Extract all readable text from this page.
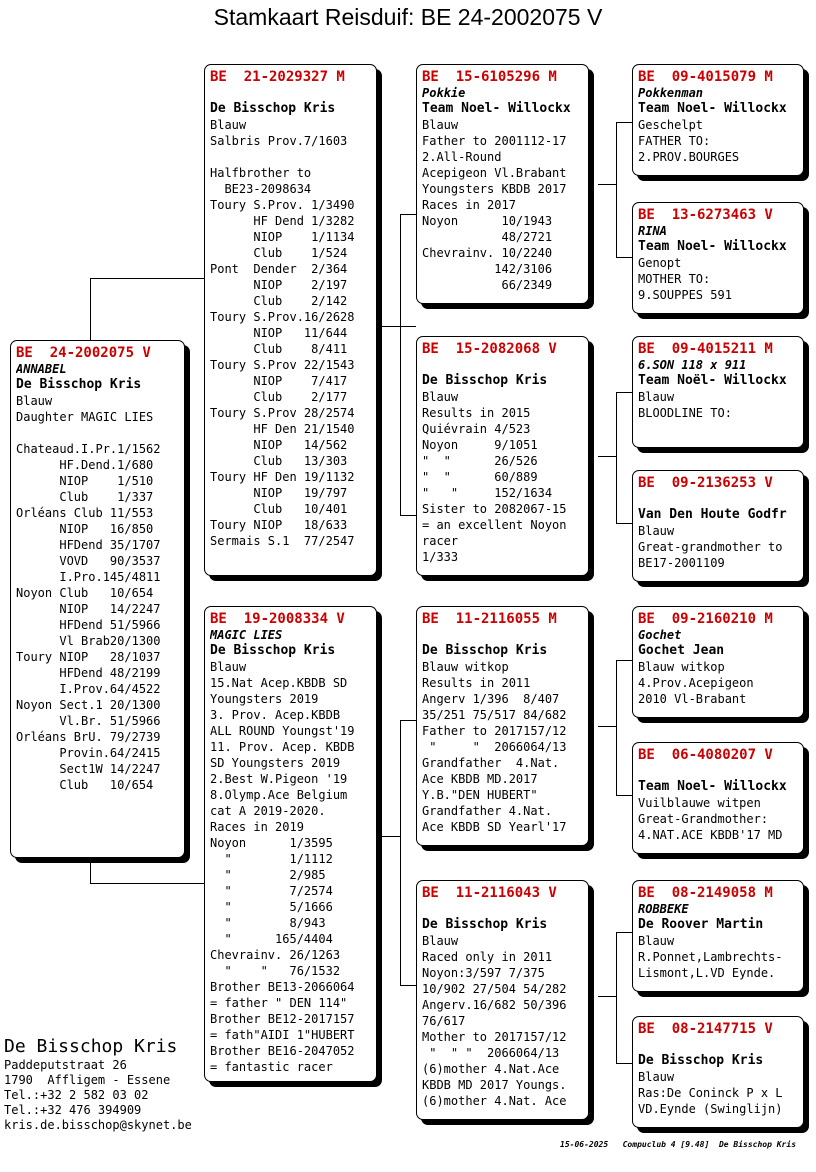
Stamkaart Reisduif: BE 24-2002075 V
BE  24-2002075 V
ANNABEL
De Bisschop Kris
Blauw
Daughter MAGIC LIES
Chateaud.I.Pr.1/1562
HF.Dend.1/680
NIOP    1/510
Club    1/337
Orléans Club 11/553
NIOP   16/850
HFDend 35/1707
VOVD   90/3537
I.Pro.145/4811
Noyon Club   10/654
NIOP   14/2247
HFDend 51/5966
Vl Brab20/1300
Toury NIOP   28/1037
HFDend 48/2199
I.Prov.64/4522
Noyon Sect.1 20/1300
Vl.Br. 51/5966
Orléans BrU. 79/2739
Provin.64/2415
Sect1W 14/2247
Club   10/654
BE  21-2029327 M
De Bisschop Kris
Blauw
Salbris Prov.7/1603
Halfbrother to
BE23-2098634
Toury S.Prov. 1/3490
HF Dend 1/3282
NIOP    1/1134
Club    1/524
Pont  Dender  2/364
NIOP    2/197
Club    2/142
Toury S.Prov.16/2628
NIOP   11/644
Club    8/411
Toury S.Prov 22/1543
NIOP    7/417
Club    2/177
Toury S.Prov 28/2574
HF Den 21/1540
NIOP   14/562
Club   13/303
Toury HF Den 19/1132
NIOP   19/797
Club   10/401
Toury NIOP   18/633
Sermais S.1  77/2547
BE  19-2008334 V
MAGIC LIES
De Bisschop Kris
Blauw
15.Nat Acep.KBDB SD
Youngsters 2019
3. Prov. Acep.KBDB
ALL ROUND Youngst'19
11. Prov. Acep. KBDB
SD Youngsters 2019
2.Best W.Pigeon '19
8.Olymp.Ace Belgium
cat A 2019-2020.
Races in 2019
Noyon      1/3595
"        1/1112
"        2/985
"        7/2574
"        5/1666
"        8/943
"      165/4404
Chevrainv. 26/1263
"    "   76/1532
Brother BE13-2066064
= father " DEN 114"
Brother BE12-2017157
= fath"AIDI 1"HUBERT
Brother BE16-2047052
= fantastic racer
BE  15-6105296 M
Pokkie
Team Noel- Willockx
Blauw
Father to 2001112-17
2.All-Round
Acepigeon Vl.Brabant
Youngsters KBDB 2017
Races in 2017
Noyon      10/1943
48/2721
Chevrainv. 10/2240
142/3106
66/2349
BE  15-2082068 V
De Bisschop Kris
Blauw
Results in 2015
Quiévrain 4/523
Noyon     9/1051
"  "      26/526
"  "      60/889
"   "     152/1634
Sister to 2082067-15
= an excellent Noyon
racer
1/333
BE  11-2116055 M
De Bisschop Kris
Blauw witkop
Results in 2011
Angerv 1/396  8/407
35/251 75/517 84/682
Father to 2017157/12
"     "  2066064/13
Grandfather  4.Nat.
Ace KBDB MD.2017
Y.B."DEN HUBERT"
Grandfather 4.Nat.
Ace KBDB SD Yearl'17
BE  11-2116043 V
De Bisschop Kris
Blauw
Raced only in 2011
Noyon:3/597 7/375
10/902 27/504 54/282
Angerv.16/682 50/396
76/617
Mother to 2017157/12
"  " "  2066064/13
(6)mother 4.Nat.Ace
KBDB MD 2017 Youngs.
(6)mother 4.Nat. Ace
BE  09-4015079 M
Pokkenman
Team Noel- Willockx
Geschelpt
FATHER TO:
2.PROV.BOURGES
BE  13-6273463 V
RINA
Team Noel- Willockx
Genopt
MOTHER TO:
9.SOUPPES 591
BE  09-4015211 M
6.SON 118 x 911
Team Noël- Willockx
Blauw
BLOODLINE TO:
BE  09-2136253 V
Van Den Houte Godfr
Blauw
Great-grandmother to
BE17-2001109
BE  09-2160210 M
Gochet
Gochet Jean
Blauw witkop
4.Prov.Acepigeon
2010 Vl-Brabant
BE  06-4080207 V
Team Noel- Willockx
Vuilblauwe witpen
Great-Grandmother:
4.NAT.ACE KBDB'17 MD
BE  08-2149058 M
ROBBEKE
De Roover Martin
Blauw
R.Ponnet,Lambrechts-
Lismont,L.VD Eynde.
BE  08-2147715 V
De Bisschop Kris
Blauw
Ras:De Coninck P x L
VD.Eynde (Swinglijn)
De Bisschop Kris
Paddeputstraat 26
1790  Affligem - Essene
Tel.:+32 2 582 03 02
Tel.:+32 476 394909
kris.de.bisschop@skynet.be
15-06-2025   Compuclub 4 [9.48]  De Bisschop Kris
